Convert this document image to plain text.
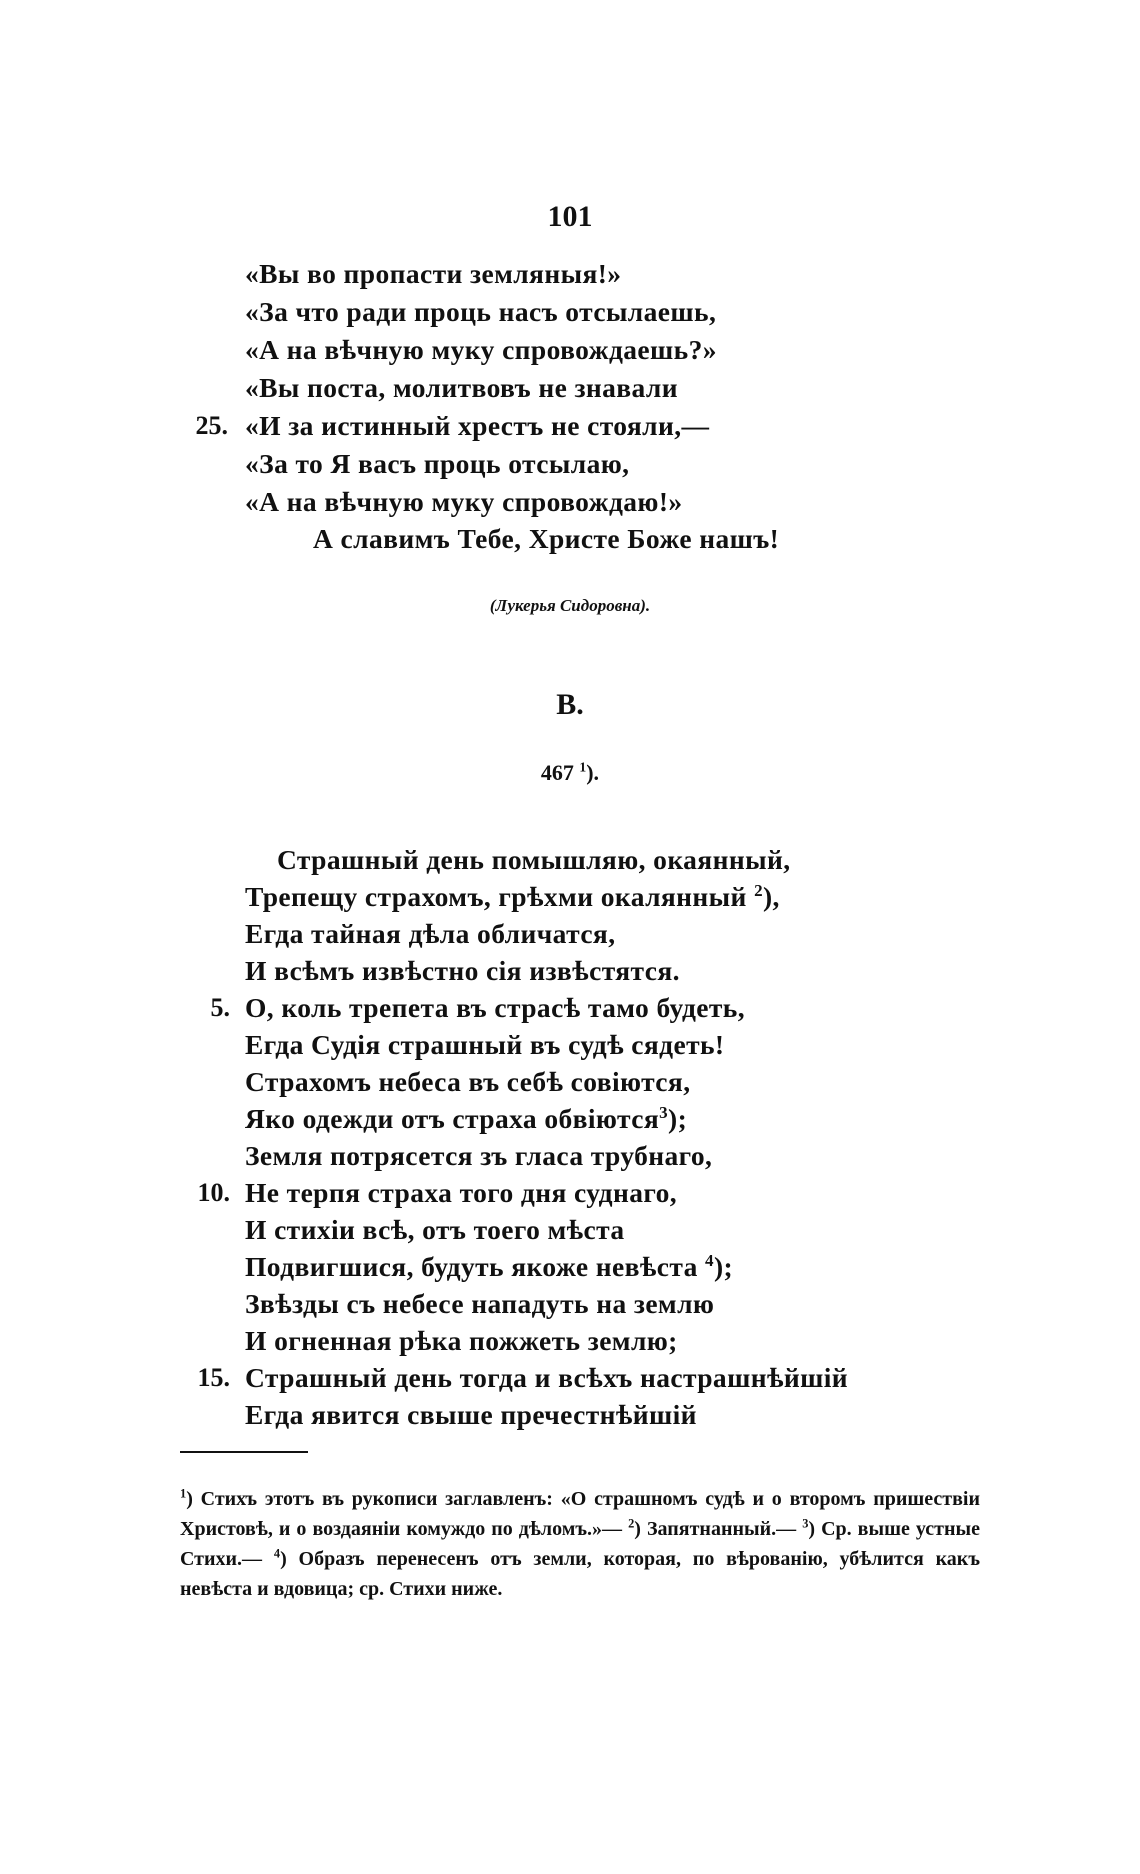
101
25.
«Вы во пропасти земляныя!»
«За что ради проць насъ отсылаешь,
«А на вѣчную муку спровождаешь?»
«Вы поста, молитвовъ не знавали
«И за истинный хрестъ не стояли,—
«За то Я васъ проць отсылаю,
«А на вѣчную муку спровождаю!»
А славимъ Тебе, Христе Боже нашъ!
(Лукерья Сидоровна).
В.
467 $^1$).
Страшный день помышляю, окаянный,
Трепещу страхомъ, грѣхми окалянный $^2$),
Егда тайная дѣла обличатся,
И всѣмъ извѣстно сія извѣстятся.
5. О, коль трепета въ страсѣ тамо будеть,
Егда Судія страшный въ судѣ сядеть!
Страхомъ небеса въ себѣ совіются,
Яко одежди отъ страха обвіются$^3$);
Земля потрясется зъ гласа трубнаго,
10. Не терпя страха того дня суднаго,
И стихіи всѣ, отъ тоего мѣста
Подвигшися, будуть якоже невѣста $^4$);
Звѣзды съ небесе нападуть на землю
И огненная рѣка пожжеть землю;
15. Страшный день тогда и всѣхъ настрашнѣйшій
Егда явится свыше пречестнѣйшій
$^1$) Стихъ этотъ въ рукописи заглавленъ: «О страшномъ судѣ и о второмъ пришествіи Христовѣ, и о воздаяніи комуждо по дѣломъ.»— $^2$) Запятнанный.— $^3$) Ср. выше устные Стихи.— $^4$) Образъ перенесенъ отъ земли, которая, по вѣрованію, убѣлится какъ невѣста и вдовица; ср. Стихи ниже.
